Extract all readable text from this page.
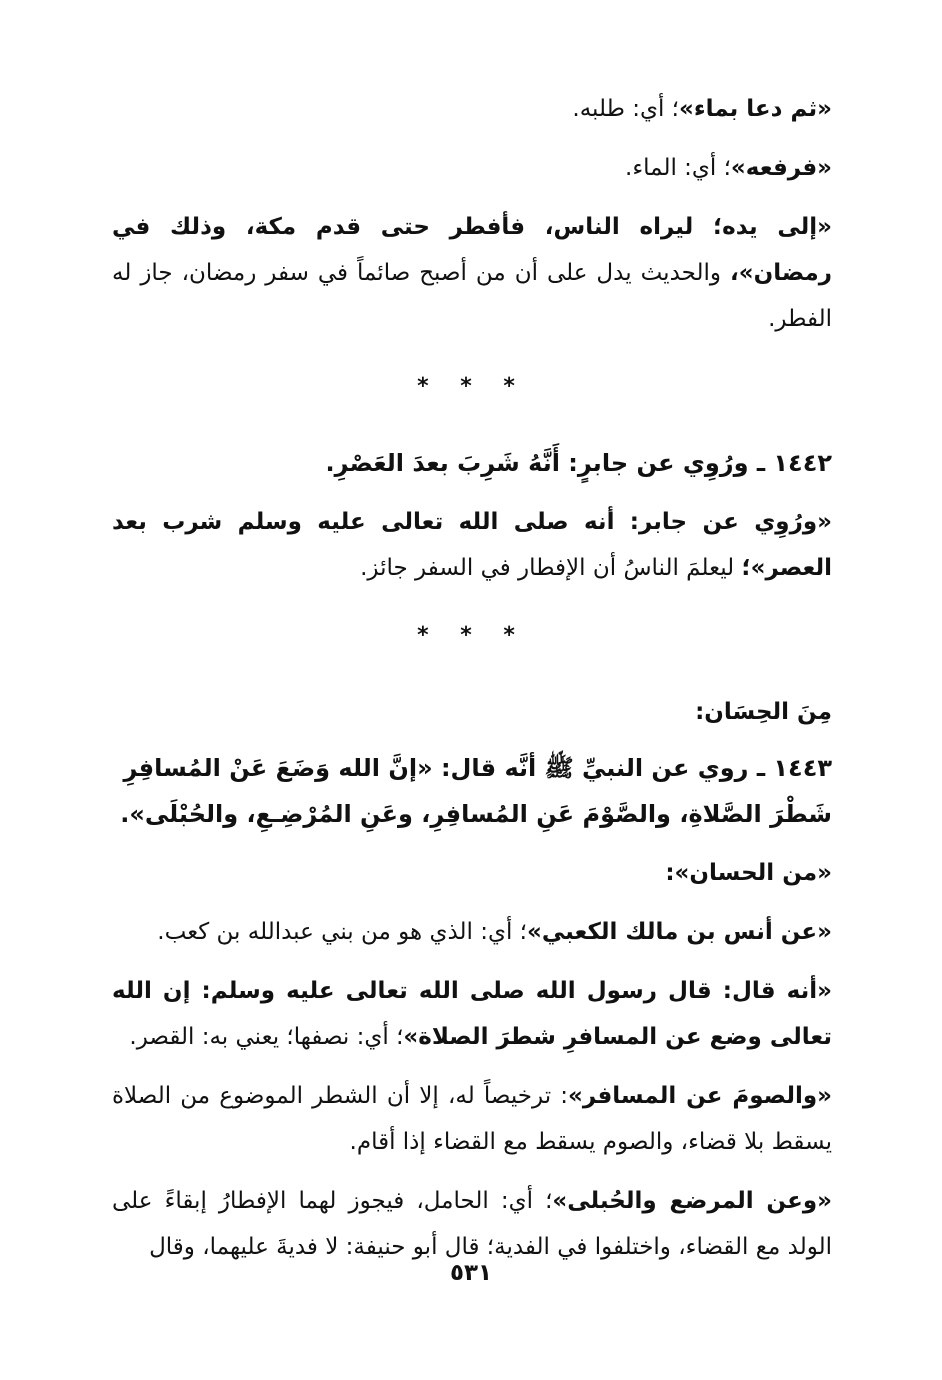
«ثم دعا بماء»؛ أي: طلبه.

«فرفعه»؛ أي: الماء.

«إلى يده؛ ليراه الناس، فأفطر حتى قدم مكة، وذلك في رمضان»، والحديث يدل على أن من أصبح صائماً في سفر رمضان، جاز له الفطر.

* * *

١٤٤٢ ـ ورُوِي عن جابرٍ: أَنَّهُ شَرِبَ بعدَ العَصْرِ.

«ورُوِي عن جابر: أنه صلى الله تعالى عليه وسلم شرب بعد العصر»؛ ليعلمَ الناسُ أن الإفطار في السفر جائز.

* * *

مِنَ الحِسَان:

١٤٤٣ ـ روي عن النبيِّ ﷺ أنَّه قال: «إنَّ الله وَضَعَ عَنْ المُسافِرِ شَطْرَ الصَّلاةِ، والصَّوْمَ عَنِ المُسافِرِ، وعَنِ المُرْضِـعِ، والحُبْلَى».

«من الحسان»:

«عن أنس بن مالك الكعبي»؛ أي: الذي هو من بني عبدالله بن كعب.

«أنه قال: قال رسول الله صلى الله تعالى عليه وسلم: إن الله تعالى وضع عن المسافرِ شطرَ الصلاة»؛ أي: نصفها؛ يعني به: القصر.

«والصومَ عن المسافر»: ترخيصاً له، إلا أن الشطر الموضوع من الصلاة يسقط بلا قضاء، والصوم يسقط مع القضاء إذا أقام.

«وعن المرضع والحُبلى»؛ أي: الحامل، فيجوز لهما الإفطارُ إبقاءً على الولد مع القضاء، واختلفوا في الفدية؛ قال أبو حنيفة: لا فديةَ عليهما، وقال

٥٣١
